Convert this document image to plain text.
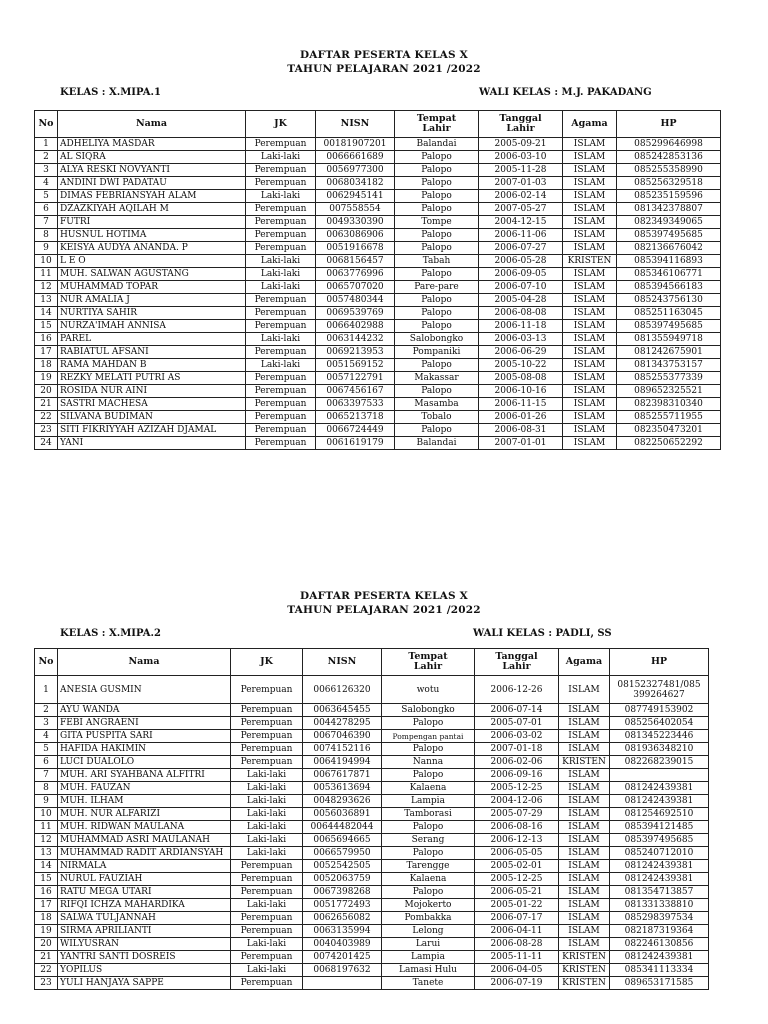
DAFTAR PESERTA KELAS X
TAHUN PELAJARAN 2021 /2022
KELAS : X.MIPA.1	WALI KELAS : M.J. PAKADANG
No	Nama	JK	NISN	Tempat Lahir	Tanggal Lahir	Agama	HP
1	ADHELIYA MASDAR	Perempuan	00181907201	Balandai	2005-09-21	ISLAM	085299646998
2	AL SIQRA	Laki-laki	0066661689	Palopo	2006-03-10	ISLAM	085242853136
3	ALYA RESKI NOVYANTI	Perempuan	0056977300	Palopo	2005-11-28	ISLAM	085255358990
4	ANDINI DWI PADATAU	Perempuan	0068034182	Palopo	2007-01-03	ISLAM	085256329518
5	DIMAS FEBRIANSYAH ALAM	Laki-laki	0062945141	Palopo	2006-02-14	ISLAM	085235159596
6	DZAZKIYAH AQILAH M	Perempuan	007558554	Palopo	2007-05-27	ISLAM	081342378807
7	FUTRI	Perempuan	0049330390	Tompe	2004-12-15	ISLAM	082349349065
8	HUSNUL HOTIMA	Perempuan	0063086906	Palopo	2006-11-06	ISLAM	085397495685
9	KEISYA AUDYA ANANDA. P	Perempuan	0051916678	Palopo	2006-07-27	ISLAM	082136676042
10	L E O	Laki-laki	0068156457	Tabah	2006-05-28	KRISTEN	085394116893
11	MUH. SALWAN AGUSTANG	Laki-laki	0063776996	Palopo	2006-09-05	ISLAM	085346106771
12	MUHAMMAD TOPAR	Laki-laki	0065707020	Pare-pare	2006-07-10	ISLAM	085394566183
13	NUR AMALIA J	Perempuan	0057480344	Palopo	2005-04-28	ISLAM	085243756130
14	NURTIYA SAHIR	Perempuan	0069539769	Palopo	2006-08-08	ISLAM	085251163045
15	NURZA'IMAH ANNISA	Perempuan	0066402988	Palopo	2006-11-18	ISLAM	085397495685
16	PAREL	Laki-laki	0063144232	Salobongko	2006-03-13	ISLAM	081355949718
17	RABIATUL AFSANI	Perempuan	0069213953	Pompaniki	2006-06-29	ISLAM	081242675901
18	RAMA MAHDAN B	Laki-laki	0051569152	Palopo	2005-10-22	ISLAM	081343753157
19	REZKY MELATI PUTRI AS	Perempuan	0057122791	Makassar	2005-08-08	ISLAM	085255377339
20	ROSIDA NUR AINI	Perempuan	0067456167	Palopo	2006-10-16	ISLAM	089652325521
21	SASTRI MACHESA	Perempuan	0063397533	Masamba	2006-11-15	ISLAM	082398310340
22	SILVANA BUDIMAN	Perempuan	0065213718	Tobalo	2006-01-26	ISLAM	085255711955
23	SITI FIKRIYYAH AZIZAH DJAMAL	Perempuan	0066724449	Palopo	2006-08-31	ISLAM	082350473201
24	YANI	Perempuan	0061619179	Balandai	2007-01-01	ISLAM	082250652292
DAFTAR PESERTA KELAS X
TAHUN PELAJARAN 2021 /2022
KELAS : X.MIPA.2	WALI KELAS : PADLI, SS
No	Nama	JK	NISN	Tempat Lahir	Tanggal Lahir	Agama	HP
1	ANESIA GUSMIN	Perempuan	0066126320	wotu	2006-12-26	ISLAM	08152327481/085 399264627
2	AYU WANDA	Perempuan	0063645455	Salobongko	2006-07-14	ISLAM	087749153902
3	FEBI ANGRAENI	Perempuan	0044278295	Palopo	2005-07-01	ISLAM	085256402054
4	GITA PUSPITA SARI	Perempuan	0067046390	Pompengan pantai	2006-03-02	ISLAM	081345223446
5	HAFIDA HAKIMIN	Perempuan	0074152116	Palopo	2007-01-18	ISLAM	081936348210
6	LUCI DUALOLO	Perempuan	0064194994	Nanna	2006-02-06	KRISTEN	082268239015
7	MUH. ARI SYAHBANA ALFITRI	Laki-laki	0067617871	Palopo	2006-09-16	ISLAM	
8	MUH. FAUZAN	Laki-laki	0053613694	Kalaena	2005-12-25	ISLAM	081242439381
9	MUH. ILHAM	Laki-laki	0048293626	Lampia	2004-12-06	ISLAM	081242439381
10	MUH. NUR ALFARIZI	Laki-laki	0056036891	Tamborasi	2005-07-29	ISLAM	081254692510
11	MUH. RIDWAN MAULANA	Laki-laki	00644482044	Palopo	2006-08-16	ISLAM	085394121485
12	MUHAMMAD ASRI MAULANAH	Laki-laki	0065694665	Serang	2006-12-13	ISLAM	085397495685
13	MUHAMMAD RADIT ARDIANSYAH	Laki-laki	0066579950	Palopo	2006-05-05	ISLAM	085240712010
14	NIRMALA	Perempuan	0052542505	Tarengge	2005-02-01	ISLAM	081242439381
15	NURUL FAUZIAH	Perempuan	0052063759	Kalaena	2005-12-25	ISLAM	081242439381
16	RATU MEGA UTARI	Perempuan	0067398268	Palopo	2006-05-21	ISLAM	081354713857
17	RIFQI ICHZA MAHARDIKA	Laki-laki	0051772493	Mojokerto	2005-01-22	ISLAM	081331338810
18	SALWA TULJANNAH	Perempuan	0062656082	Pombakka	2006-07-17	ISLAM	085298397534
19	SIRMA APRILIANTI	Perempuan	0063135994	Lelong	2006-04-11	ISLAM	082187319364
20	WILYUSRAN	Laki-laki	0040403989	Larui	2006-08-28	ISLAM	082246130856
21	YANTRI SANTI DOSREIS	Perempuan	0074201425	Lampia	2005-11-11	KRISTEN	081242439381
22	YOPILUS	Laki-laki	0068197632	Lamasi Hulu	2006-04-05	KRISTEN	085341113334
23	YULI HANJAYA SAPPE	Perempuan		Tanete	2006-07-19	KRISTEN	089653171585
